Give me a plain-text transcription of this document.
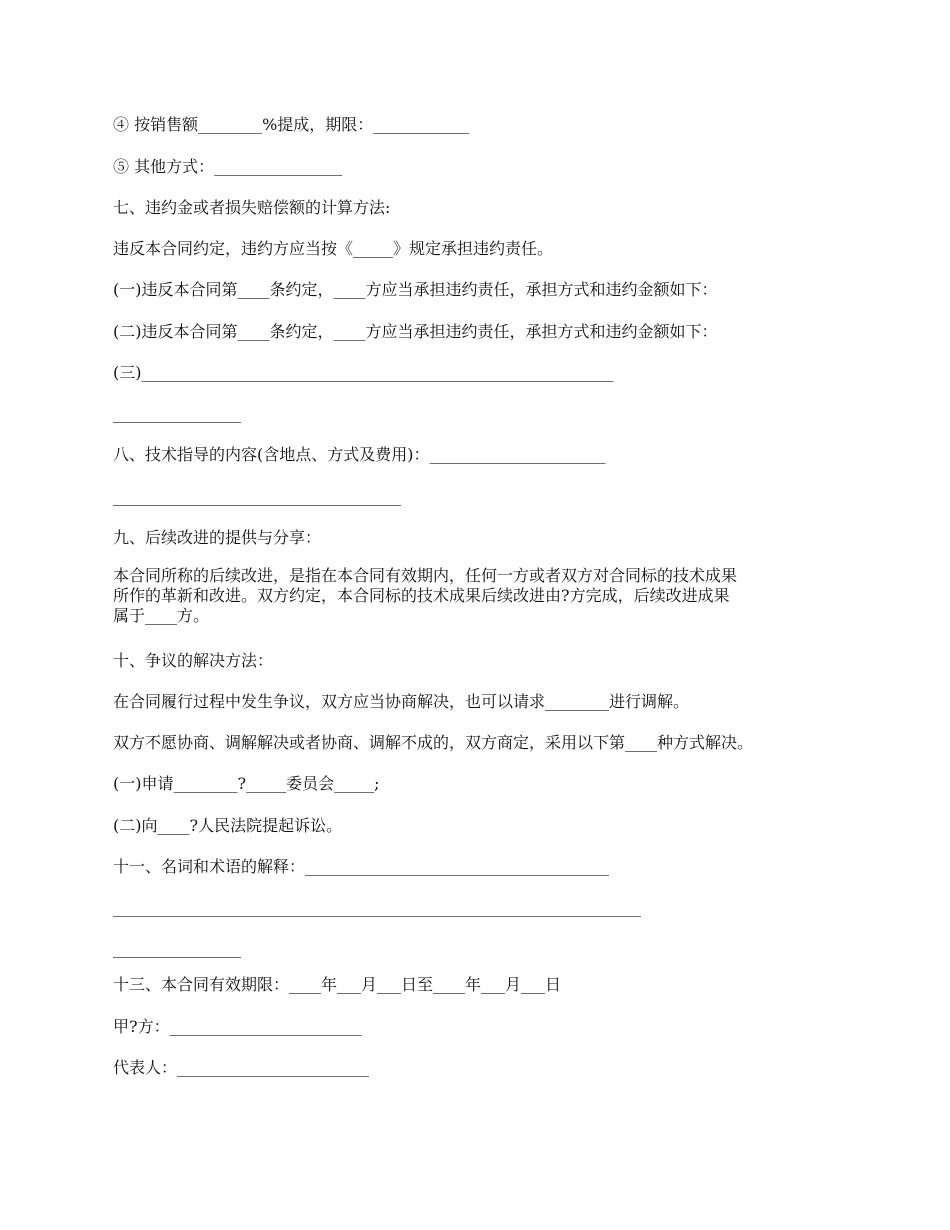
④ 按销售额________%提成，期限：____________
⑤ 其他方式：________________
七、违约金或者损失赔偿额的计算方法:
违反本合同约定，违约方应当按《_____》规定承担违约责任。
(一)违反本合同第____条约定，____方应当承担违约责任，承担方式和违约金额如下：
(二)违反本合同第____条约定，____方应当承担违约责任，承担方式和违约金额如下：
(三)___________________________________________________________
________________
八、技术指导的内容(含地点、方式及费用)：______________________
____________________________________
九、后续改进的提供与分享：
本合同所称的后续改进，是指在本合同有效期内，任何一方或者双方对合同标的技术成果
所作的革新和改进。双方约定，本合同标的技术成果后续改进由?方完成，后续改进成果
属于____方。
十、争议的解决方法：
在合同履行过程中发生争议，双方应当协商解决，也可以请求________进行调解。
双方不愿协商、调解解决或者协商、调解不成的，双方商定，采用以下第____种方式解决。
(一)申请________?_____委员会_____;
(二)向____?人民法院提起诉讼。
十一、名词和术语的解释：______________________________________
__________________________________________________________________
________________
十三、本合同有效期限：____年___月___日至____年___月___日
甲?方：________________________
代表人：________________________
